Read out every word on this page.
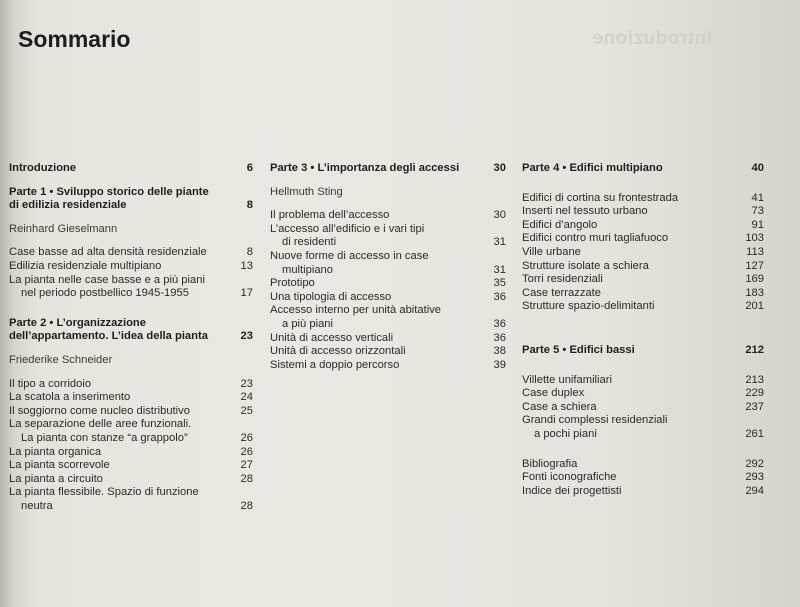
Sommario	Introduzione
Introduzione	6
Parte 1 • Sviluppo storico delle piante
di edilizia residenziale	8
Reinhard Gieselmann
Case basse ad alta densità residenziale	8
Edilizia residenziale multipiano	13
La pianta nelle case basse e a più piani
nel periodo postbellico 1945-1955	17
Parte 2 • L’organizzazione
dell’appartamento. L’idea della pianta	23
Friederike Schneider
Il tipo a corridoio	23
La scatola a inserimento	24
Il soggiorno come nucleo distributivo	25
La separazione delle aree funzionali.
La pianta con stanze “a grappolo”	26
La pianta organica	26
La pianta scorrevole	27
La pianta a circuito	28
La pianta flessibile. Spazio di funzione
neutra	28
Parte 3 • L’importanza degli accessi	30
Hellmuth Sting
Il problema dell’accesso	30
L’accesso all’edificio e i vari tipi
di residenti	31
Nuove forme di accesso in case
multipiano	31
Prototipo	35
Una tipologia di accesso	36
Accesso interno per unità abitative
a più piani	36
Unità di accesso verticali	36
Unità di accesso orizzontali	38
Sistemi a doppio percorso	39
Parte 4 • Edifici multipiano	40
Edifici di cortina su frontestrada	41
Inserti nel tessuto urbano	73
Edifici d’angolo	91
Edifici contro muri tagliafuoco	103
Ville urbane	113
Strutture isolate a schiera	127
Torri residenziali	169
Case terrazzate	183
Strutture spazio-delimitanti	201
Parte 5 • Edifici bassi	212
Villette unifamiliari	213
Case duplex	229
Case a schiera	237
Grandi complessi residenziali
a pochi piani	261
Bibliografia	292
Fonti iconografiche	293
Indice dei progettisti	294
